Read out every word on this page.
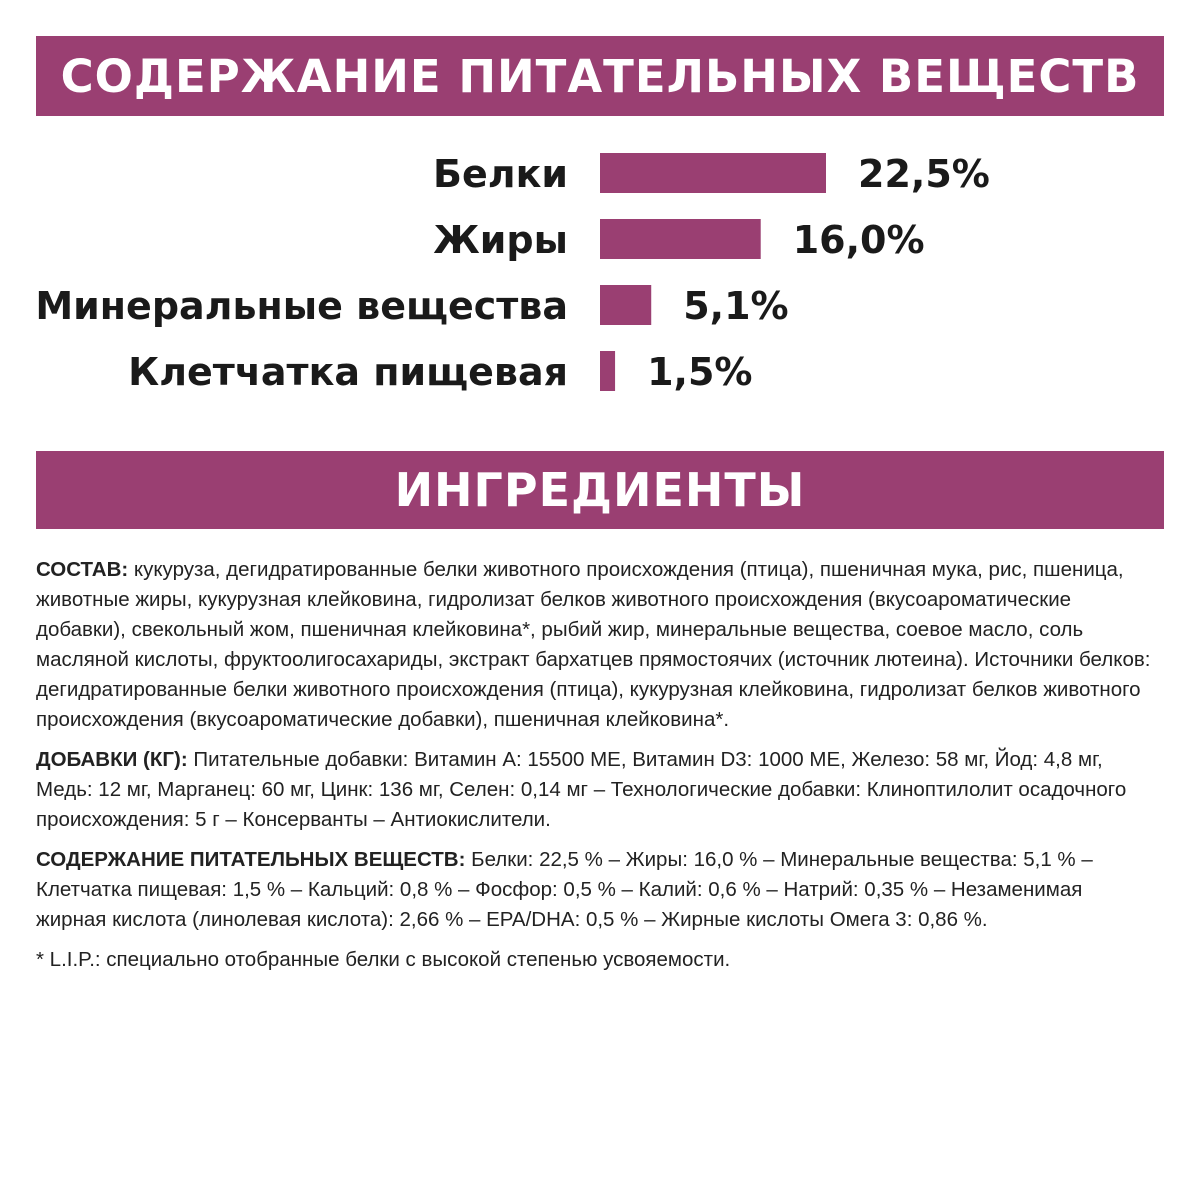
СОДЕРЖАНИЕ ПИТАТЕЛЬНЫХ ВЕЩЕСТВ
Белки	22,5%
Жиры	16,0%
Минеральные вещества	5,1%
Клетчатка пищевая 1,5%
ИНГРЕДИЕНТЫ

СОСТАВ: кукуруза, дегидратированные белки животного происхождения (птица), пшеничная мука, рис, пшеница, животные жиры, кукурузная клейковина, гидролизат белков животного происхождения (вкусоароматические добавки), свекольный жом, пшеничная клейковина*, рыбий жир, минеральные вещества, соевое масло, соль масляной кислоты, фруктоолигосахариды, экстракт бархатцев прямостоячих (источник лютеина). Источники белков: дегидратированные белки животного происхождения (птица), кукурузная клейковина, гидролизат белков животного происхождения (вкусоароматические добавки), пшеничная клейковина*.

ДОБАВКИ (КГ): Питательные добавки: Витамин А: 15500 МЕ, Витамин D3: 1000 МЕ, Железо: 58 мг, Йод: 4,8 мг, Медь: 12 мг, Марганец: 60 мг, Цинк: 136 мг, Селен: 0,14 мг – Технологические добавки: Клиноптилолит осадочного происхождения: 5 г – Консерванты – Антиокислители.

СОДЕРЖАНИЕ ПИТАТЕЛЬНЫХ ВЕЩЕСТВ: Белки: 22,5 % – Жиры: 16,0 % – Минеральные вещества: 5,1 % – Клетчатка пищевая: 1,5 % – Кальций: 0,8 % – Фосфор: 0,5 % – Калий: 0,6 % – Натрий: 0,35 % – Незаменимая жирная кислота (линолевая кислота): 2,66 % – EPA/DHA: 0,5 % – Жирные кислоты Омега 3: 0,86 %.

* L.I.P.: специально отобранные белки с высокой степенью усвояемости.
